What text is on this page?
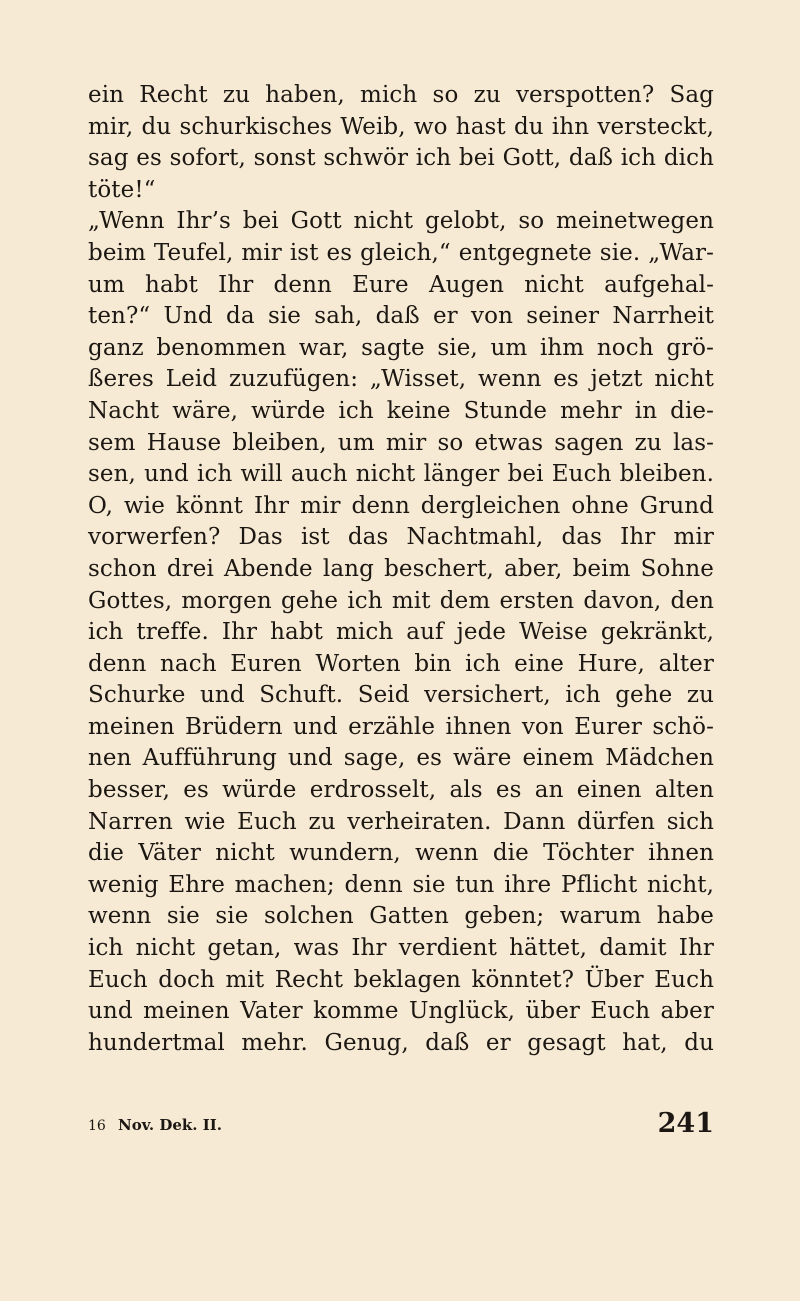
ein Recht zu haben, mich so zu verspotten? Sag
mir, du schurkisches Weib, wo hast du ihn versteckt,
sag es sofort, sonst schwör ich bei Gott, daß ich dich
töte!“
„Wenn Ihr’s bei Gott nicht gelobt, so meinetwegen
beim Teufel, mir ist es gleich,“ entgegnete sie. „War-
um habt Ihr denn Eure Augen nicht aufgehal-
ten?“ Und da sie sah, daß er von seiner Narrheit
ganz benommen war, sagte sie, um ihm noch grö-
ßeres Leid zuzufügen: „Wisset, wenn es jetzt nicht
Nacht wäre, würde ich keine Stunde mehr in die-
sem Hause bleiben, um mir so etwas sagen zu las-
sen, und ich will auch nicht länger bei Euch bleiben.
O, wie könnt Ihr mir denn dergleichen ohne Grund
vorwerfen? Das ist das Nachtmahl, das Ihr mir
schon drei Abende lang beschert, aber, beim Sohne
Gottes, morgen gehe ich mit dem ersten davon, den
ich treffe. Ihr habt mich auf jede Weise gekränkt,
denn nach Euren Worten bin ich eine Hure, alter
Schurke und Schuft. Seid versichert, ich gehe zu
meinen Brüdern und erzähle ihnen von Eurer schö-
nen Aufführung und sage, es wäre einem Mädchen
besser, es würde erdrosselt, als es an einen alten
Narren wie Euch zu verheiraten. Dann dürfen sich
die Väter nicht wundern, wenn die Töchter ihnen
wenig Ehre machen; denn sie tun ihre Pflicht nicht,
wenn sie sie solchen Gatten geben; warum habe
ich nicht getan, was Ihr verdient hättet, damit Ihr
Euch doch mit Recht beklagen könntet? Über Euch
und meinen Vater komme Unglück, über Euch aber
hundertmal mehr. Genug, daß er gesagt hat, du
16 Nov. Dek. II.	241
